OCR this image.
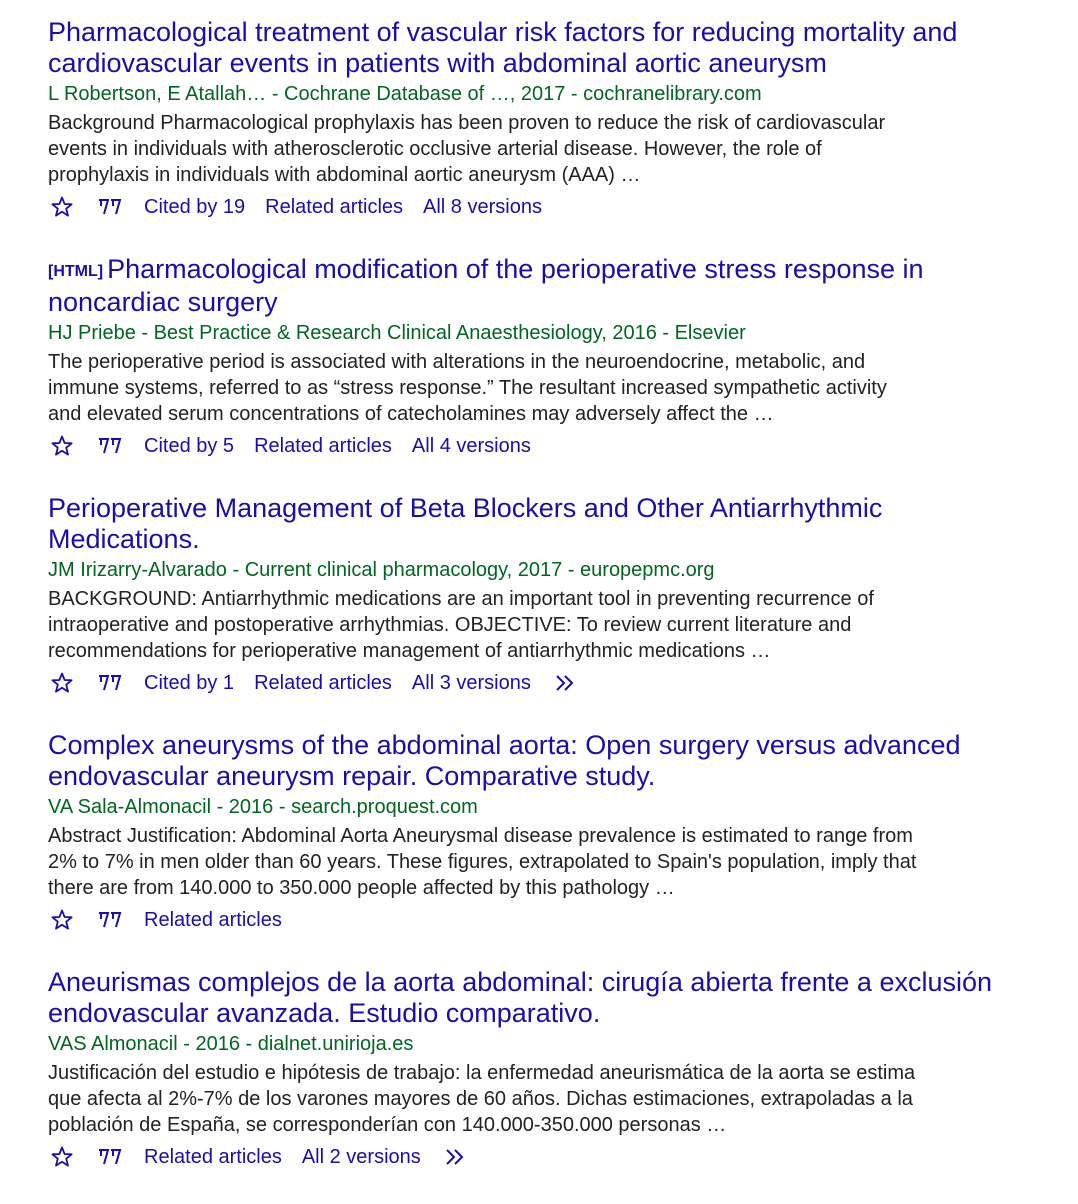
Pharmacological treatment of vascular risk factors for reducing mortality and cardiovascular events in patients with abdominal aortic aneurysm
L Robertson, E Atallah… - Cochrane Database of …, 2017 - cochranelibrary.com
Background Pharmacological prophylaxis has been proven to reduce the risk of cardiovascular events in individuals with atherosclerotic occlusive arterial disease. However, the role of prophylaxis in individuals with abdominal aortic aneurysm (AAA) …
Cited by 19 Related articles All 8 versions
[HTML] Pharmacological modification of the perioperative stress response in noncardiac surgery
HJ Priebe - Best Practice & Research Clinical Anaesthesiology, 2016 - Elsevier
The perioperative period is associated with alterations in the neuroendocrine, metabolic, and immune systems, referred to as “stress response.” The resultant increased sympathetic activity and elevated serum concentrations of catecholamines may adversely affect the …
Cited by 5 Related articles All 4 versions
Perioperative Management of Beta Blockers and Other Antiarrhythmic Medications.
JM Irizarry-Alvarado - Current clinical pharmacology, 2017 - europepmc.org
BACKGROUND: Antiarrhythmic medications are an important tool in preventing recurrence of intraoperative and postoperative arrhythmias. OBJECTIVE: To review current literature and recommendations for perioperative management of antiarrhythmic medications …
Cited by 1 Related articles All 3 versions
Complex aneurysms of the abdominal aorta: Open surgery versus advanced endovascular aneurysm repair. Comparative study.
VA Sala-Almonacil - 2016 - search.proquest.com
Abstract Justification: Abdominal Aorta Aneurysmal disease prevalence is estimated to range from 2% to 7% in men older than 60 years. These figures, extrapolated to Spain's population, imply that there are from 140.000 to 350.000 people affected by this pathology …
Related articles
Aneurismas complejos de la aorta abdominal: cirugía abierta frente a exclusión endovascular avanzada. Estudio comparativo.
VAS Almonacil - 2016 - dialnet.unirioja.es
Justificación del estudio e hipótesis de trabajo: la enfermedad aneurismática de la aorta se estima que afecta al 2%-7% de los varones mayores de 60 años. Dichas estimaciones, extrapoladas a la población de España, se corresponderían con 140.000-350.000 personas …
Related articles All 2 versions
